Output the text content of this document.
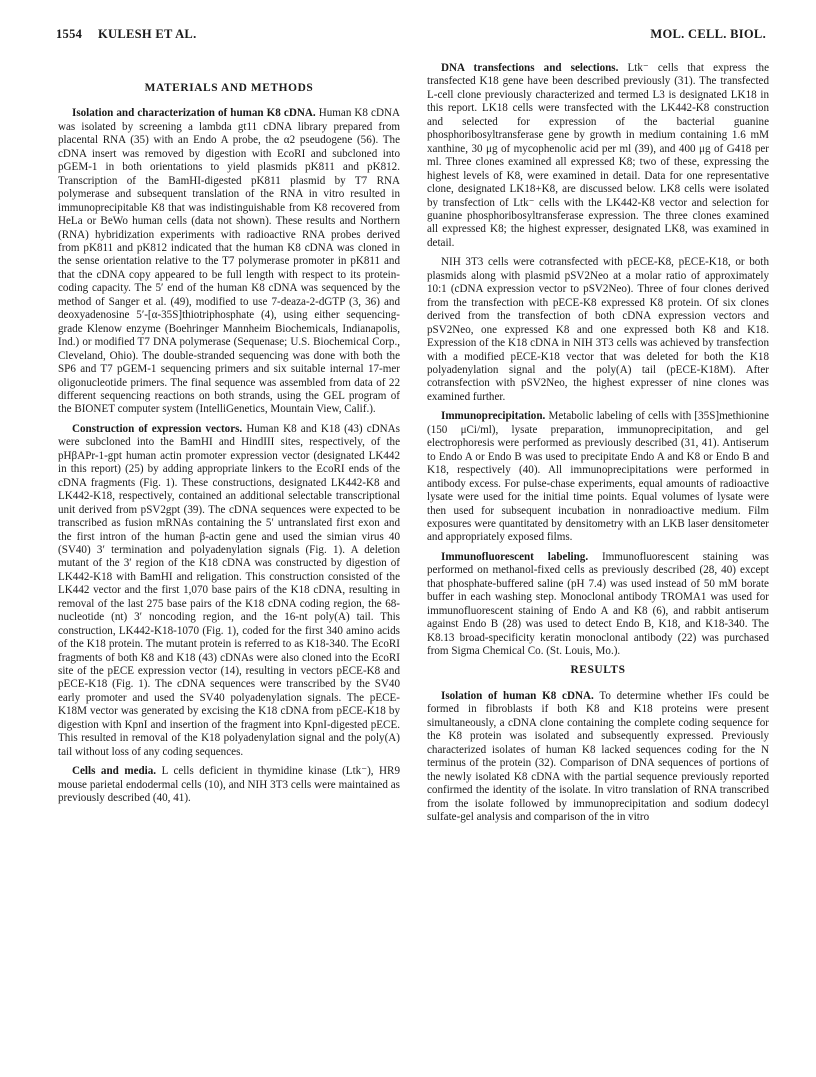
1554 KULESH ET AL.	MOL. CELL. BIOL.
MATERIALS AND METHODS

Isolation and characterization of human K8 cDNA. Human K8 cDNA was isolated by screening a lambda gt11 cDNA library prepared from placental RNA (35) with an Endo A probe, the α2 pseudogene (56). The cDNA insert was removed by digestion with EcoRI and subcloned into pGEM-1 in both orientations to yield plasmids pK811 and pK812. Transcription of the BamHI-digested pK811 plasmid by T7 RNA polymerase and subsequent translation of the RNA in vitro resulted in immunoprecipitable K8 that was indistinguishable from K8 recovered from HeLa or BeWo human cells (data not shown). These results and Northern (RNA) hybridization experiments with radioactive RNA probes derived from pK811 and pK812 indicated that the human K8 cDNA was cloned in the sense orientation relative to the T7 polymerase promoter in pK811 and that the cDNA copy appeared to be full length with respect to its protein-coding capacity. The 5′ end of the human K8 cDNA was sequenced by the method of Sanger et al. (49), modified to use 7-deaza-2-dGTP (3, 36) and deoxyadenosine 5′-[α-35S]thiotriphosphate (4), using either sequencing-grade Klenow enzyme (Boehringer Mannheim Biochemicals, Indianapolis, Ind.) or modified T7 DNA polymerase (Sequenase; U.S. Biochemical Corp., Cleveland, Ohio). The double-stranded sequencing was done with both the SP6 and T7 pGEM-1 sequencing primers and six suitable internal 17-mer oligonucleotide primers. The final sequence was assembled from data of 22 different sequencing reactions on both strands, using the GEL program of the BIONET computer system (IntelliGenetics, Mountain View, Calif.).

Construction of expression vectors. Human K8 and K18 (43) cDNAs were subcloned into the BamHI and HindIII sites, respectively, of the pHβAPr-1-gpt human actin promoter expression vector (designated LK442 in this report) (25) by adding appropriate linkers to the EcoRI ends of the cDNA fragments (Fig. 1). These constructions, designated LK442-K8 and LK442-K18, respectively, contained an additional selectable transcriptional unit derived from pSV2gpt (39). The cDNA sequences were expected to be transcribed as fusion mRNAs containing the 5′ untranslated first exon and the first intron of the human β-actin gene and used the simian virus 40 (SV40) 3′ termination and polyadenylation signals (Fig. 1). A deletion mutant of the 3′ region of the K18 cDNA was constructed by digestion of LK442-K18 with BamHI and religation. This construction consisted of the LK442 vector and the first 1,070 base pairs of the K18 cDNA, resulting in removal of the last 275 base pairs of the K18 cDNA coding region, the 68-nucleotide (nt) 3′ noncoding region, and the 16-nt poly(A) tail. This construction, LK442-K18-1070 (Fig. 1), coded for the first 340 amino acids of the K18 protein. The mutant protein is referred to as K18-340. The EcoRI fragments of both K8 and K18 (43) cDNAs were also cloned into the EcoRI site of the pECE expression vector (14), resulting in vectors pECE-K8 and pECE-K18 (Fig. 1). The cDNA sequences were transcribed by the SV40 early promoter and used the SV40 polyadenylation signals. The pECE-K18M vector was generated by excising the K18 cDNA from pECE-K18 by digestion with KpnI and insertion of the fragment into KpnI-digested pECE. This resulted in removal of the K18 polyadenylation signal and the poly(A) tail without loss of any coding sequences.

Cells and media. L cells deficient in thymidine kinase (Ltk⁻), HR9 mouse parietal endodermal cells (10), and NIH 3T3 cells were maintained as previously described (40, 41).

DNA transfections and selections. Ltk⁻ cells that express the transfected K18 gene have been described previously (31). The transfected L-cell clone previously characterized and termed L3 is designated LK18 in this report. LK18 cells were transfected with the LK442-K8 construction and selected for expression of the bacterial guanine phosphoribosyltransferase gene by growth in medium containing 1.6 mM xanthine, 30 μg of mycophenolic acid per ml (39), and 400 μg of G418 per ml. Three clones examined all expressed K8; two of these, expressing the highest levels of K8, were examined in detail. Data for one representative clone, designated LK18+K8, are discussed below. LK8 cells were isolated by transfection of Ltk⁻ cells with the LK442-K8 vector and selection for guanine phosphoribosyltransferase expression. The three clones examined all expressed K8; the highest expresser, designated LK8, was examined in detail.

NIH 3T3 cells were cotransfected with pECE-K8, pECE-K18, or both plasmids along with plasmid pSV2Neo at a molar ratio of approximately 10:1 (cDNA expression vector to pSV2Neo). Three of four clones derived from the transfection with pECE-K8 expressed K8 protein. Of six clones derived from the transfection of both cDNA expression vectors and pSV2Neo, one expressed K8 and one expressed both K8 and K18. Expression of the K18 cDNA in NIH 3T3 cells was achieved by transfection with a modified pECE-K18 vector that was deleted for both the K18 polyadenylation signal and the poly(A) tail (pECE-K18M). After cotransfection with pSV2Neo, the highest expresser of nine clones was examined further.

Immunoprecipitation. Metabolic labeling of cells with [35S]methionine (150 μCi/ml), lysate preparation, immunoprecipitation, and gel electrophoresis were performed as previously described (31, 41). Antiserum to Endo A or Endo B was used to precipitate Endo A and K8 or Endo B and K18, respectively (40). All immunoprecipitations were performed in antibody excess. For pulse-chase experiments, equal amounts of radioactive lysate were used for the initial time points. Equal volumes of lysate were then used for subsequent incubation in nonradioactive medium. Film exposures were quantitated by densitometry with an LKB laser densitometer and appropriately exposed films.

Immunofluorescent labeling. Immunofluorescent staining was performed on methanol-fixed cells as previously described (28, 40) except that phosphate-buffered saline (pH 7.4) was used instead of 50 mM borate buffer in each washing step. Monoclonal antibody TROMA1 was used for immunofluorescent staining of Endo A and K8 (6), and rabbit antiserum against Endo B (28) was used to detect Endo B, K18, and K18-340. The K8.13 broad-specificity keratin monoclonal antibody (22) was purchased from Sigma Chemical Co. (St. Louis, Mo.).

RESULTS

Isolation of human K8 cDNA. To determine whether IFs could be formed in fibroblasts if both K8 and K18 proteins were present simultaneously, a cDNA clone containing the complete coding sequence for the K8 protein was isolated and subsequently expressed. Previously characterized isolates of human K8 lacked sequences coding for the N terminus of the protein (32). Comparison of DNA sequences of portions of the newly isolated K8 cDNA with the partial sequence previously reported confirmed the identity of the isolate. In vitro translation of RNA transcribed from the isolate followed by immunoprecipitation and sodium dodecyl sulfate-gel analysis and comparison of the in vitro
